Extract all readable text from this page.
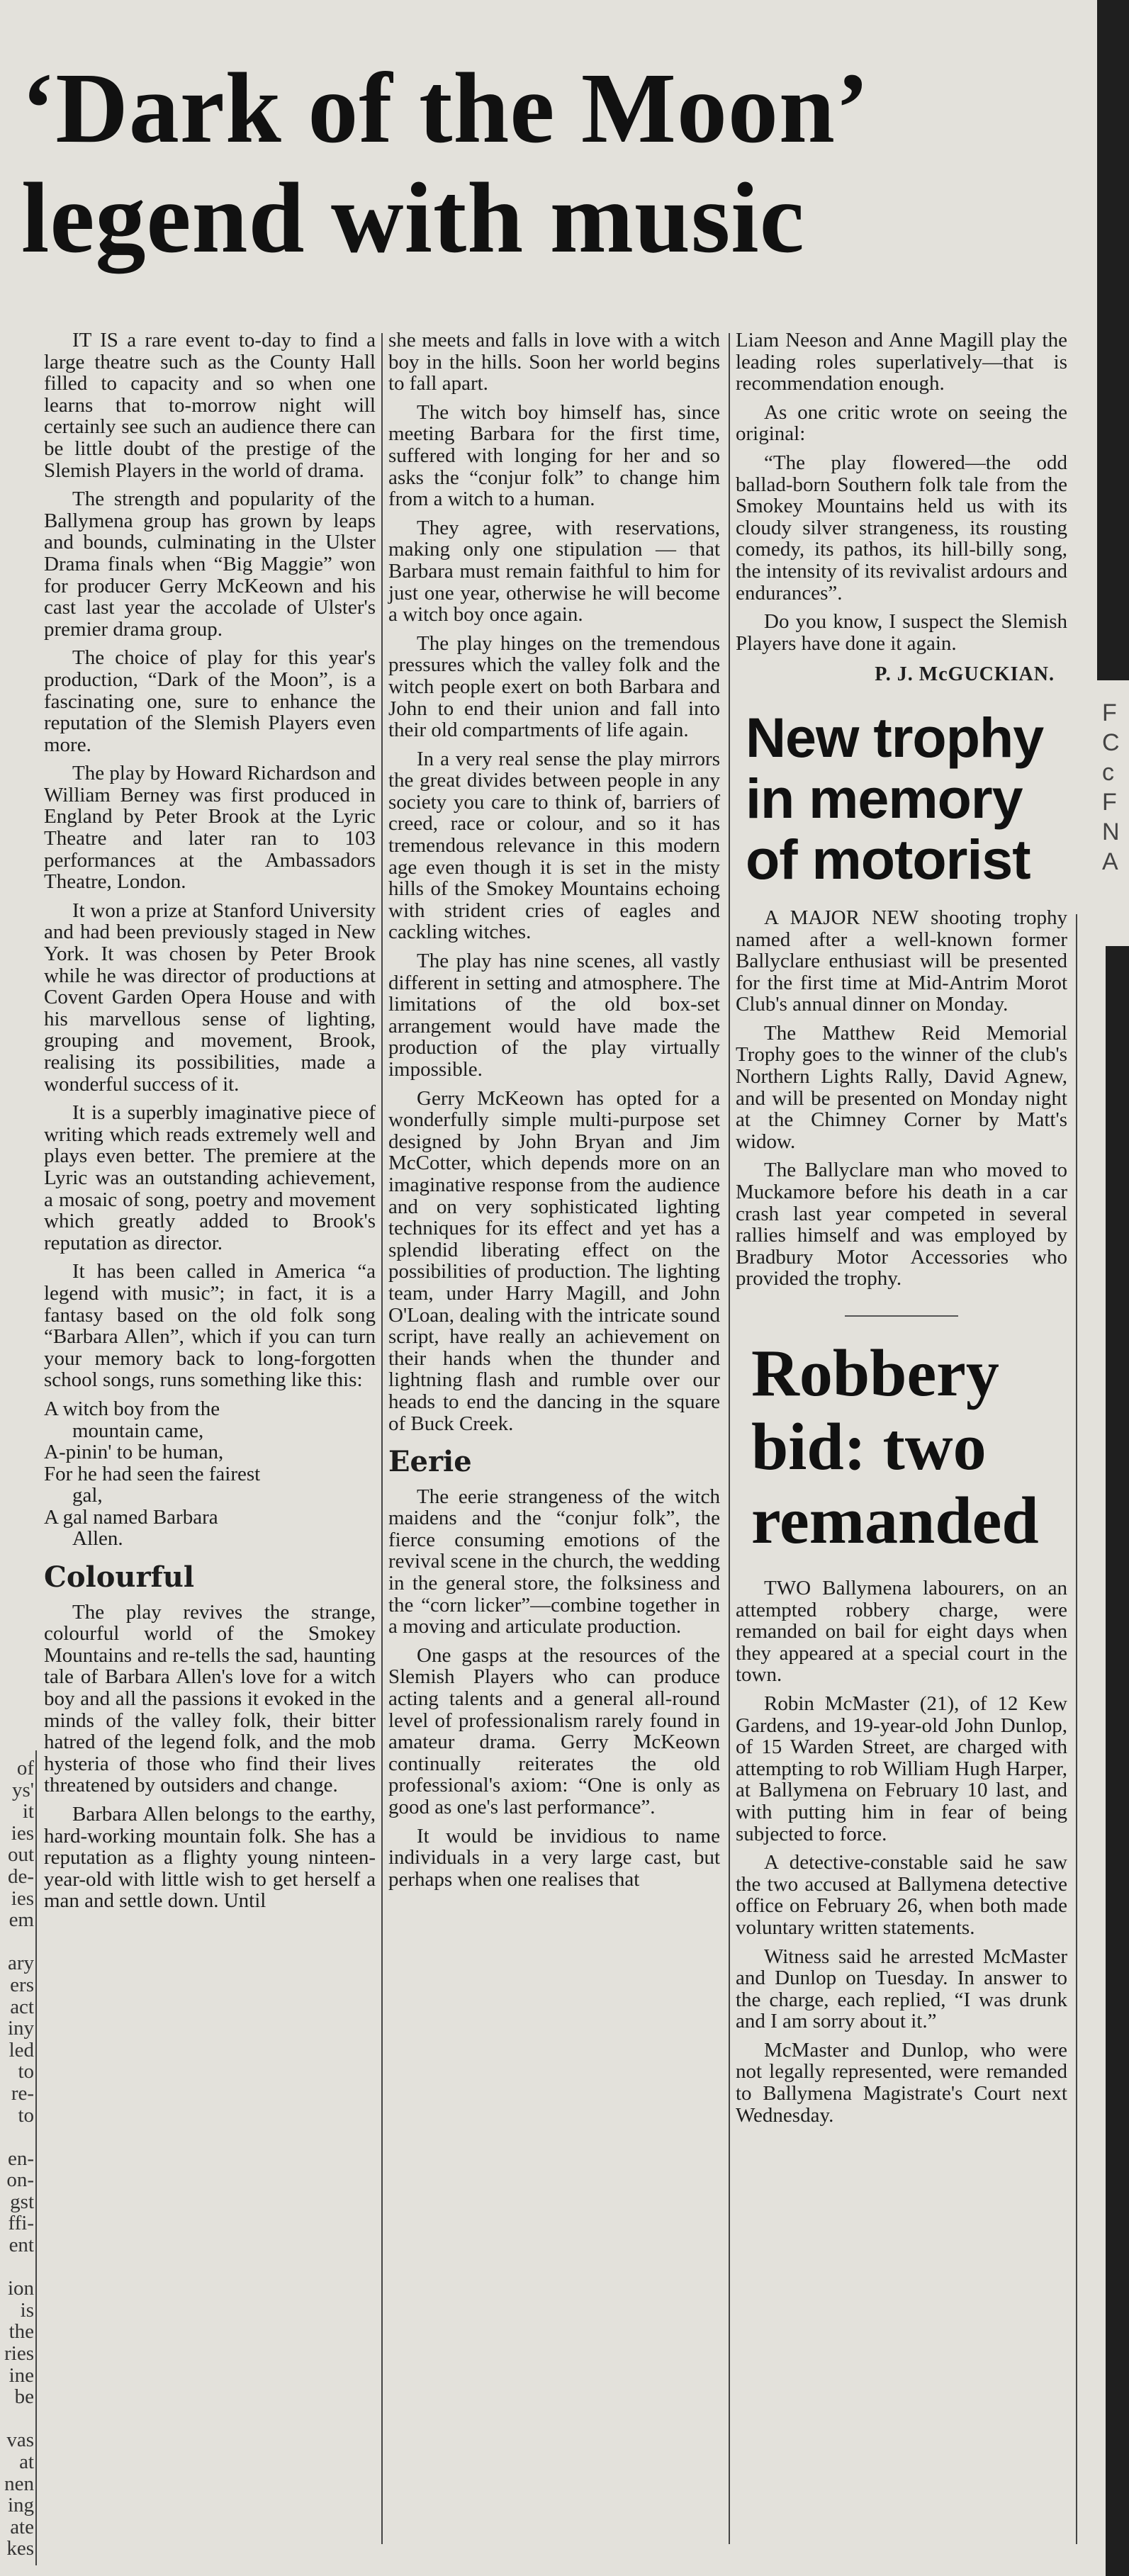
‘Dark of the Moon’
legend with music

IT IS a rare event to-day to find a large theatre such as the County Hall filled to capacity and so when one learns that to-morrow night will certainly see such an audience there can be little doubt of the prestige of the Slemish Players in the world of drama.

The strength and popularity of the Ballymena group has grown by leaps and bounds, culminating in the Ulster Drama finals when “Big Maggie” won for producer Gerry McKeown and his cast last year the accolade of Ulster's premier drama group.

The choice of play for this year's production, “Dark of the Moon”, is a fascinating one, sure to enhance the reputation of the Slemish Players even more.

The play by Howard Richardson and William Berney was first produced in England by Peter Brook at the Lyric Theatre and later ran to 103 performances at the Ambassadors Theatre, London.

It won a prize at Stanford University and had been previously staged in New York. It was chosen by Peter Brook while he was director of productions at Covent Garden Opera House and with his marvellous sense of lighting, grouping and movement, Brook, realising its possibilities, made a wonderful success of it.

It is a superbly imaginative piece of writing which reads extremely well and plays even better. The premiere at the Lyric was an outstanding achievement, a mosaic of song, poetry and movement which greatly added to Brook's reputation as director.

It has been called in America “a legend with music”; in fact, it is a fantasy based on the old folk song “Barbara Allen”, which if you can turn your memory back to long-forgotten school songs, runs something like this:

A witch boy from the
mountain came,
A-pinin' to be human,
For he had seen the fairest
gal,
A gal named Barbara
Allen.
Colourful

The play revives the strange, colourful world of the Smokey Mountains and re-tells the sad, haunting tale of Barbara Allen's love for a witch boy and all the passions it evoked in the minds of the valley folk, their bitter hatred of the legend folk, and the mob hysteria of those who find their lives threatened by outsiders and change.

Barbara Allen belongs to the earthy, hard-working mountain folk. She has a reputation as a flighty young ninteen-year-old with little wish to get herself a man and settle down. Until

she meets and falls in love with a witch boy in the hills. Soon her world begins to fall apart.

The witch boy himself has, since meeting Barbara for the first time, suffered with longing for her and so asks the “conjur folk” to change him from a witch to a human.

They agree, with reservations, making only one stipulation — that Barbara must remain faithful to him for just one year, otherwise he will become a witch boy once again.

The play hinges on the tremendous pressures which the valley folk and the witch people exert on both Barbara and John to end their union and fall into their old compartments of life again.

In a very real sense the play mirrors the great divides between people in any society you care to think of, barriers of creed, race or colour, and so it has tremendous relevance in this modern age even though it is set in the misty hills of the Smokey Mountains echoing with strident cries of eagles and cackling witches.

The play has nine scenes, all vastly different in setting and atmosphere. The limitations of the old box-set arrangement would have made the production of the play virtually impossible.

Gerry McKeown has opted for a wonderfully simple multi-purpose set designed by John Bryan and Jim McCotter, which depends more on an imaginative response from the audience and on very sophisticated lighting techniques for its effect and yet has a splendid liberating effect on the possibilities of production. The lighting team, under Harry Magill, and John O'Loan, dealing with the intricate sound script, have really an achievement on their hands when the thunder and lightning flash and rumble over our heads to end the dancing in the square of Buck Creek.

Eerie

The eerie strangeness of the witch maidens and the “conjur folk”, the fierce consuming emotions of the revival scene in the church, the wedding in the general store, the folksiness and the “corn licker”—combine together in a moving and articulate production.

One gasps at the resources of the Slemish Players who can produce acting talents and a general all-round level of professionalism rarely found in amateur drama. Gerry McKeown continually reiterates the old professional's axiom: “One is only as good as one's last performance”.

It would be invidious to name individuals in a very large cast, but perhaps when one realises that

Liam Neeson and Anne Magill play the leading roles superlatively—that is recommendation enough.

As one critic wrote on seeing the original:

“The play flowered—the odd ballad-born Southern folk tale from the Smokey Mountains held us with its cloudy silver strangeness, its rousting comedy, its pathos, its hill-billy song, the intensity of its revivalist ardours and endurances”.

Do you know, I suspect the Slemish Players have done it again.

P. J. McGUCKIAN.

New trophy
in memory
of motorist

A MAJOR NEW shooting trophy named after a well-known former Ballyclare enthusiast will be presented for the first time at Mid-Antrim Morot Club's annual dinner on Monday.

The Matthew Reid Memorial Trophy goes to the winner of the club's Northern Lights Rally, David Agnew, and will be presented on Monday night at the Chimney Corner by Matt's widow.

The Ballyclare man who moved to Muckamore before his death in a car crash last year competed in several rallies himself and was employed by Bradbury Motor Accessories who provided the trophy.

Robbery
bid: two
remanded

TWO Ballymena labourers, on an attempted robbery charge, were remanded on bail for eight days when they appeared at a special court in the town.

Robin McMaster (21), of 12 Kew Gardens, and 19-year-old John Dunlop, of 15 Warden Street, are charged with attempting to rob William Hugh Harper, at Ballymena on February 10 last, and with putting him in fear of being subjected to force.

A detective-constable said he saw the two accused at Ballymena detective office on February 26, when both made voluntary written statements.

Witness said he arrested McMaster and Dunlop on Tuesday. In answer to the charge, each replied, “I was drunk and I am sorry about it.”

McMaster and Dunlop, who were not legally represented, were remanded to Ballymena Magistrate's Court next Wednesday.

of
ys'
it
ies
out
de-
ies
em

ary
ers
act
iny
led
to
re-
to

en-
on-
gst
ffi-
ent

ion
is
the
ries
ine
be

vas
at
nen
ing
ate
kes
F
C
c
F
N
A
